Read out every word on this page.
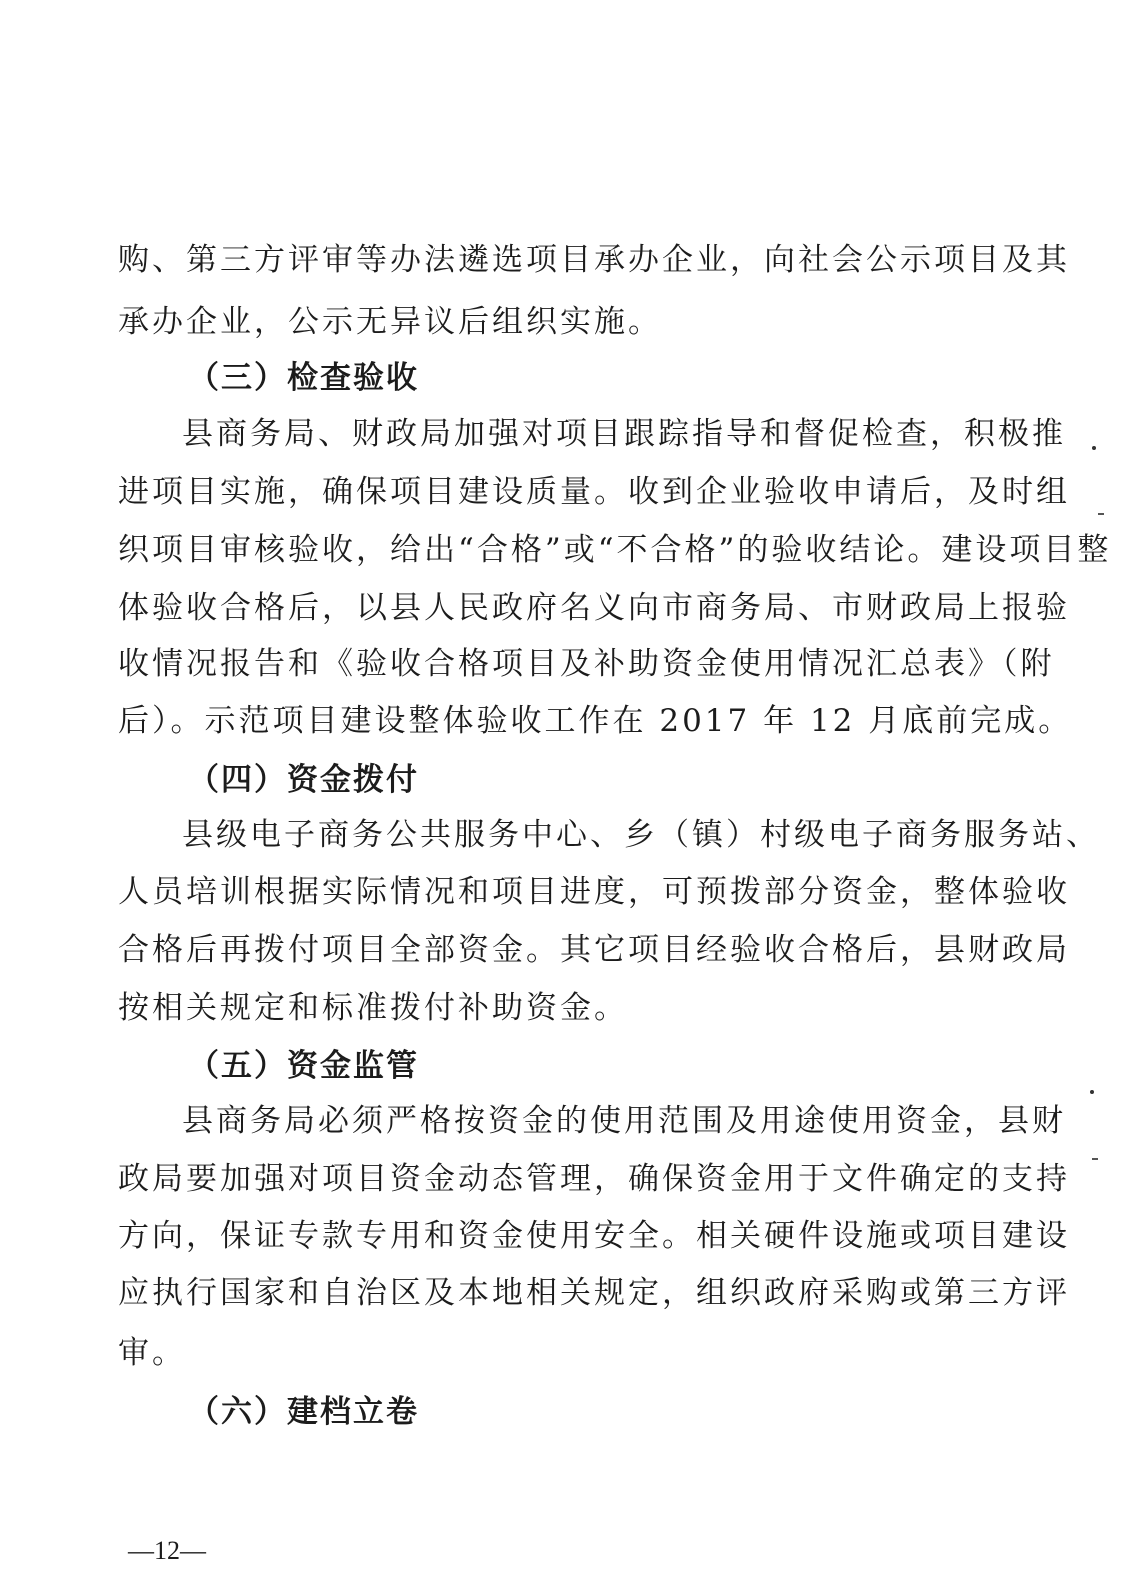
购、第三方评审等办法遴选项目承办企业，向社会公示项目及其
承办企业，公示无异议后组织实施。
（三）检查验收
县商务局、财政局加强对项目跟踪指导和督促检查，积极推
进项目实施，确保项目建设质量。收到企业验收申请后，及时组
织项目审核验收，给出“合格”或“不合格”的验收结论。建设项目整
体验收合格后，以县人民政府名义向市商务局、市财政局上报验
收情况报告和《验收合格项目及补助资金使用情况汇总表》（附
后）。示范项目建设整体验收工作在 2017 年 12 月底前完成。
（四）资金拨付
县级电子商务公共服务中心、乡（镇）村级电子商务服务站、
人员培训根据实际情况和项目进度，可预拨部分资金，整体验收
合格后再拨付项目全部资金。其它项目经验收合格后，县财政局
按相关规定和标准拨付补助资金。
（五）资金监管
县商务局必须严格按资金的使用范围及用途使用资金，县财
政局要加强对项目资金动态管理，确保资金用于文件确定的支持
方向，保证专款专用和资金使用安全。相关硬件设施或项目建设
应执行国家和自治区及本地相关规定，组织政府采购或第三方评
审。
（六）建档立卷
—12—
